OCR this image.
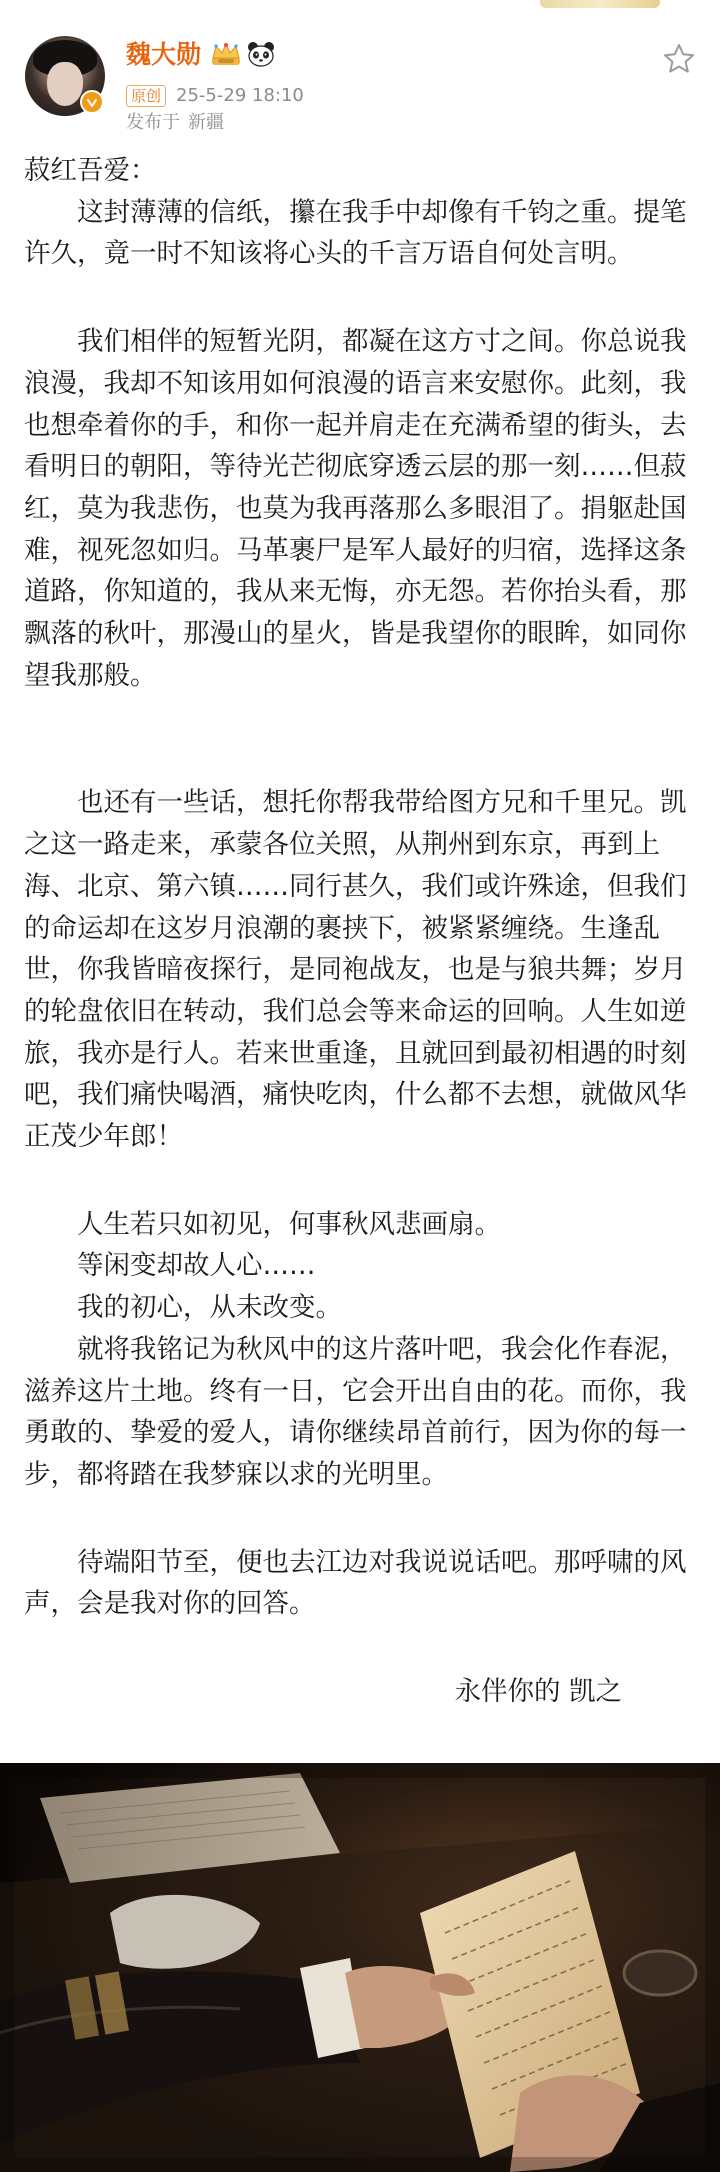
魏大勋
原创 25-5-29 18:10
发布于 新疆
菽红吾爱：

这封薄薄的信纸，攥在我手中却像有千钧之重。提笔许久，竟一时不知该将心头的千言万语自何处言明。

我们相伴的短暂光阴，都凝在这方寸之间。你总说我浪漫，我却不知该用如何浪漫的语言来安慰你。此刻，我也想牵着你的手，和你一起并肩走在充满希望的街头，去看明日的朝阳，等待光芒彻底穿透云层的那一刻……但菽红，莫为我悲伤，也莫为我再落那么多眼泪了。捐躯赴国难，视死忽如归。马革裹尸是军人最好的归宿，选择这条道路，你知道的，我从来无悔，亦无怨。若你抬头看，那飘落的秋叶，那漫山的星火，皆是我望你的眼眸，如同你望我那般。

也还有一些话，想托你帮我带给图方兄和千里兄。凯之这一路走来，承蒙各位关照，从荆州到东京，再到上海、北京、第六镇……同行甚久，我们或许殊途，但我们的命运却在这岁月浪潮的裹挟下，被紧紧缠绕。生逢乱世，你我皆暗夜探行，是同袍战友，也是与狼共舞；岁月的轮盘依旧在转动，我们总会等来命运的回响。人生如逆旅，我亦是行人。若来世重逢，且就回到最初相遇的时刻吧，我们痛快喝酒，痛快吃肉，什么都不去想，就做风华正茂少年郎！

人生若只如初见，何事秋风悲画扇。

等闲变却故人心……

我的初心，从未改变。

就将我铭记为秋风中的这片落叶吧，我会化作春泥，滋养这片土地。终有一日，它会开出自由的花。而你，我勇敢的、挚爱的爱人，请你继续昂首前行，因为你的每一步，都将踏在我梦寐以求的光明里。

待端阳节至，便也去江边对我说说话吧。那呼啸的风声，会是我对你的回答。

永伴你的 凯之
